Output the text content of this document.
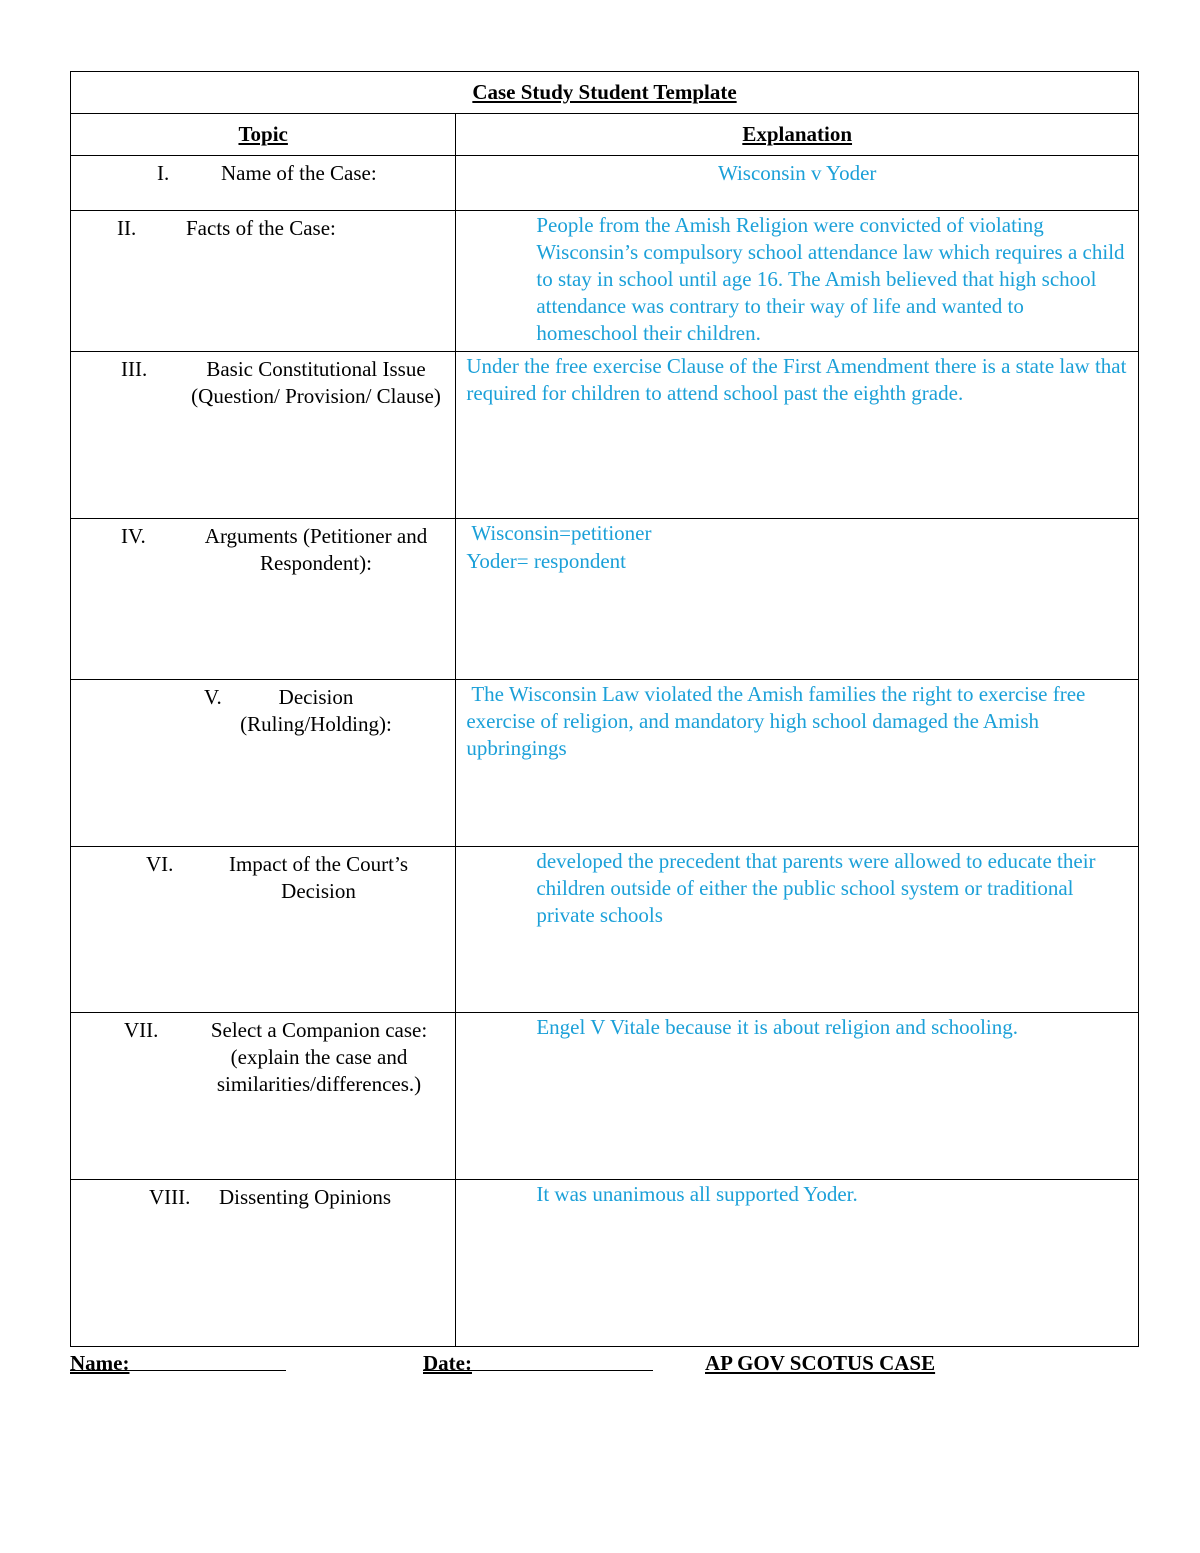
Case Study Student Template	
Topic	Explanation

I. Name of the Case:	Wisconsin v Yoder

II. Facts of the Case:	People from the Amish Religion were convicted of violating Wisconsin’s compulsory school attendance law which requires a child to stay in school until age 16. The Amish believed that high school attendance was contrary to their way of life and wanted to homeschool their children.

III. Basic Constitutional Issue (Question/ Provision/ Clause)	Under the free exercise Clause of the First Amendment there is a state law that required for children to attend school past the eighth grade.

IV. Arguments (Petitioner and Respondent):	Wisconsin=petitioner
Yoder= respondent

V. Decision (Ruling/Holding):	The Wisconsin Law violated the Amish families the right to exercise free exercise of religion, and mandatory high school damaged the Amish upbringings

VI. Impact of the Court’s Decision	developed the precedent that parents were allowed to educate their children outside of either the public school system or traditional private schools

VII. Select a Companion case: (explain the case and similarities/differences.)	Engel V Vitale because it is about religion and schooling.

VIII. Dissenting Opinions	It was unanimous all supported Yoder.
Name:	Date:	AP GOV SCOTUS CASE
